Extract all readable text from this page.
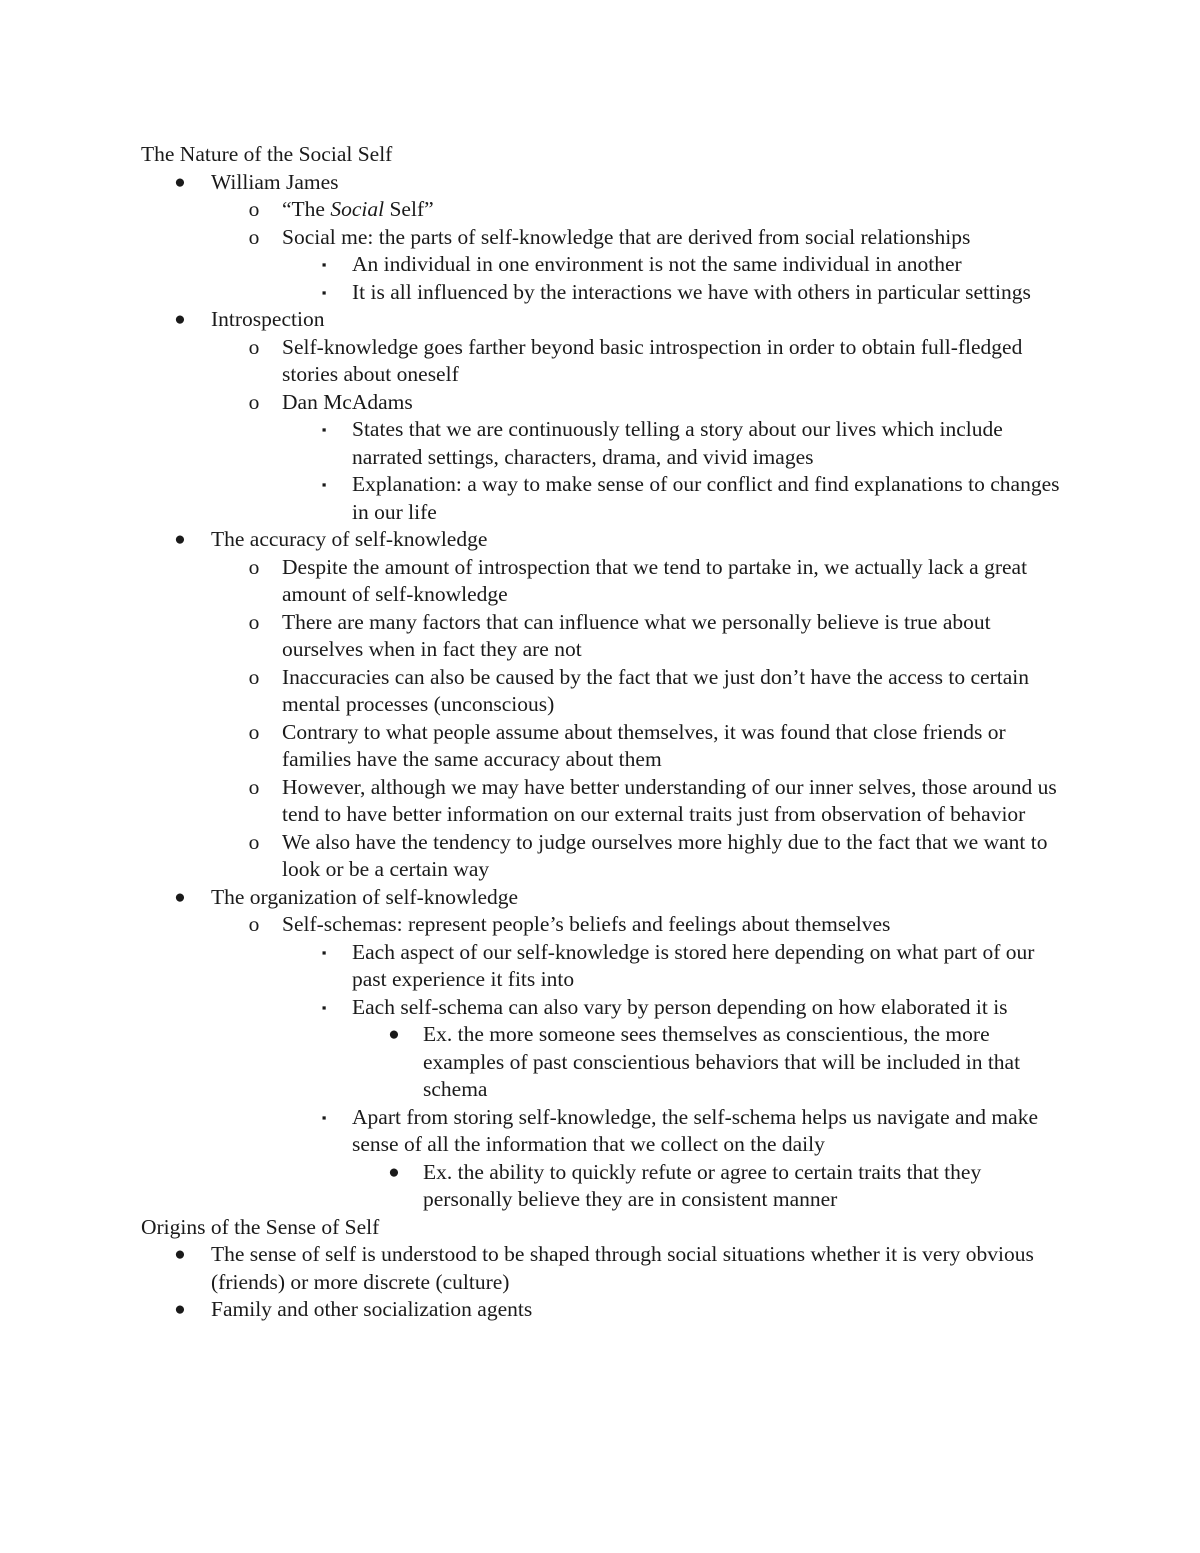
The Nature of the Social Self
● William James
o	“The Social Self”
o	Social me: the parts of self-knowledge that are derived from social relationships
▪	An individual in one environment is not the same individual in another
▪	It is all influenced by the interactions we have with others in particular settings
● Introspection
o	Self-knowledge goes farther beyond basic introspection in order to obtain full-fledged stories about oneself
o	Dan McAdams
▪	States that we are continuously telling a story about our lives which include narrated settings, characters, drama, and vivid images
▪	Explanation: a way to make sense of our conflict and find explanations to changes in our life
● The accuracy of self-knowledge
o	Despite the amount of introspection that we tend to partake in, we actually lack a great amount of self-knowledge
o	There are many factors that can influence what we personally believe is true about ourselves when in fact they are not
o	Inaccuracies can also be caused by the fact that we just don’t have the access to certain mental processes (unconscious)
o	Contrary to what people assume about themselves, it was found that close friends or families have the same accuracy about them
o	However, although we may have better understanding of our inner selves, those around us tend to have better information on our external traits just from observation of behavior
o	We also have the tendency to judge ourselves more highly due to the fact that we want to look or be a certain way
● The organization of self-knowledge
o	Self-schemas: represent people’s beliefs and feelings about themselves
▪	Each aspect of our self-knowledge is stored here depending on what part of our past experience it fits into
▪	Each self-schema can also vary by person depending on how elaborated it is
● Ex. the more someone sees themselves as conscientious, the more examples of past conscientious behaviors that will be included in that schema
▪	Apart from storing self-knowledge, the self-schema helps us navigate and make sense of all the information that we collect on the daily
● Ex. the ability to quickly refute or agree to certain traits that they personally believe they are in consistent manner
Origins of the Sense of Self
● The sense of self is understood to be shaped through social situations whether it is very obvious (friends) or more discrete (culture)
● Family and other socialization agents
